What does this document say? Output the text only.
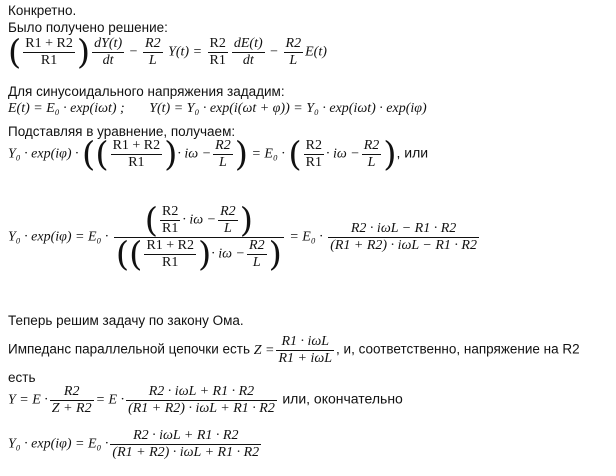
Конкретно.
Было получено решение:
( $\frac{R1 + R2}{R1}$ ) $\frac{dY(t)}{dt} - \frac{R2}{L} Y(t) = \frac{R2}{R1} \frac{dE(t)}{dt} - \frac{R2}{L} E(t)$
Для синусоидального напряжения зададим:
E(t) = E₀ · exp(iωt) ; Y(t) = Y₀ · exp(i(ωt + φ)) = Y₀ · exp(iωt) · exp(iφ)
Подставляя в уравнение, получаем:
Y₀ · exp(iφ) · (( $\frac{R1 + R2}{R1}$ )· $i\omega - \frac{R2}{L}$ ) = E₀ · ( $\frac{R2}{R1} \cdot i\omega - \frac{R2}{L}$ ), или
$Y_0 \cdot \exp(i\varphi) = E_0 \cdot \frac{( \frac{R2}{R1} \cdot i\omega - \frac{R2}{L} )}{(( \frac{R1 + R2}{R1} )\cdot i\omega - \frac{R2}{L} )} = E_0 \cdot \frac{\text{R2 · iωL − R1 · R2}}{\text{(R1 + R2) · iωL − R1 · R2}}$
Теперь решим задачу по закону Ома.
Импеданс параллельной цепочки есть $Z = \frac{\text{R1 · iωL}}{\text{R1 + iωL}}$ , и, соответственно, напряжение на R2
есть
$Y = E \cdot \frac{R2}{Z + R2} = E \cdot \frac{\text{R2 · iωL + R1 · R2}}{\text{(R1 + R2) · iωL + R1 · R2}}$ или, окончательно
$Y_0 \cdot \exp(i\varphi) = E_0 \cdot \frac{\text{R2 · iωL + R1 · R2}}{\text{(R1 + R2) · iωL + R1 · R2}}$
